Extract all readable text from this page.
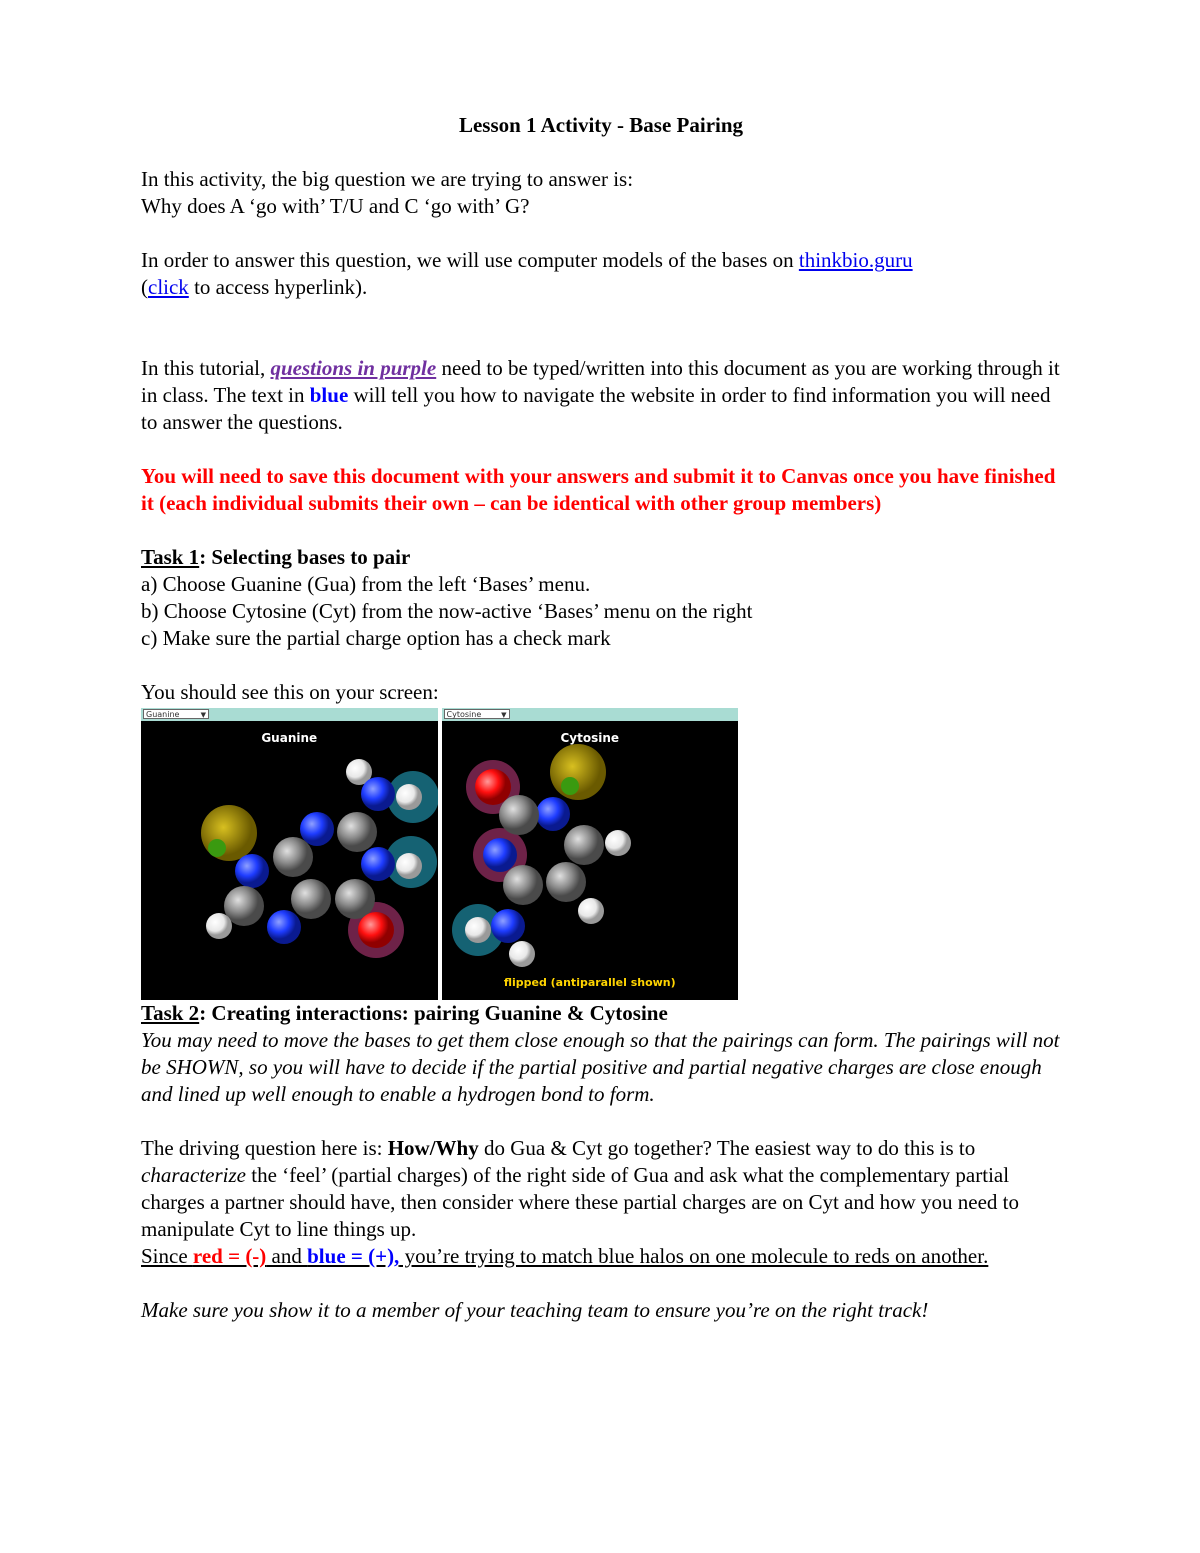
Lesson 1 Activity - Base Pairing

In this activity, the big question we are trying to answer is:

Why does A ‘go with’ T/U and C ‘go with’ G?

In order to answer this question, we will use computer models of the bases on thinkbio.guru
(click to access hyperlink).

In this tutorial, questions in purple need to be typed/written into this document as you are working through it in class. The text in blue will tell you how to navigate the website in order to find information you will need to answer the questions.

You will need to save this document with your answers and submit it to Canvas once you have finished it (each individual submits their own – can be identical with other group members)

Task 1: Selecting bases to pair

a) Choose Guanine (Gua) from the left ‘Bases’ menu.

b) Choose Cytosine (Cyt) from the now-active ‘Bases’ menu on the right

c) Make sure the partial charge option has a check mark

You should see this on your screen:

Guanine	▼
Guanine
Cytosine	▼
Cytosine
flipped (antiparallel shown)

Task 2: Creating interactions: pairing Guanine & Cytosine

You may need to move the bases to get them close enough so that the pairings can form. The pairings will not be SHOWN, so you will have to decide if the partial positive and partial negative charges are close enough and lined up well enough to enable a hydrogen bond to form.

The driving question here is: How/Why do Gua & Cyt go together? The easiest way to do this is to characterize the ‘feel’ (partial charges) of the right side of Gua and ask what the complementary partial charges a partner should have, then consider where these partial charges are on Cyt and how you need to manipulate Cyt to line things up.

Since red = (-) and blue = (+), you’re trying to match blue halos on one molecule to reds on another.

Make sure you show it to a member of your teaching team to ensure you’re on the right track!
